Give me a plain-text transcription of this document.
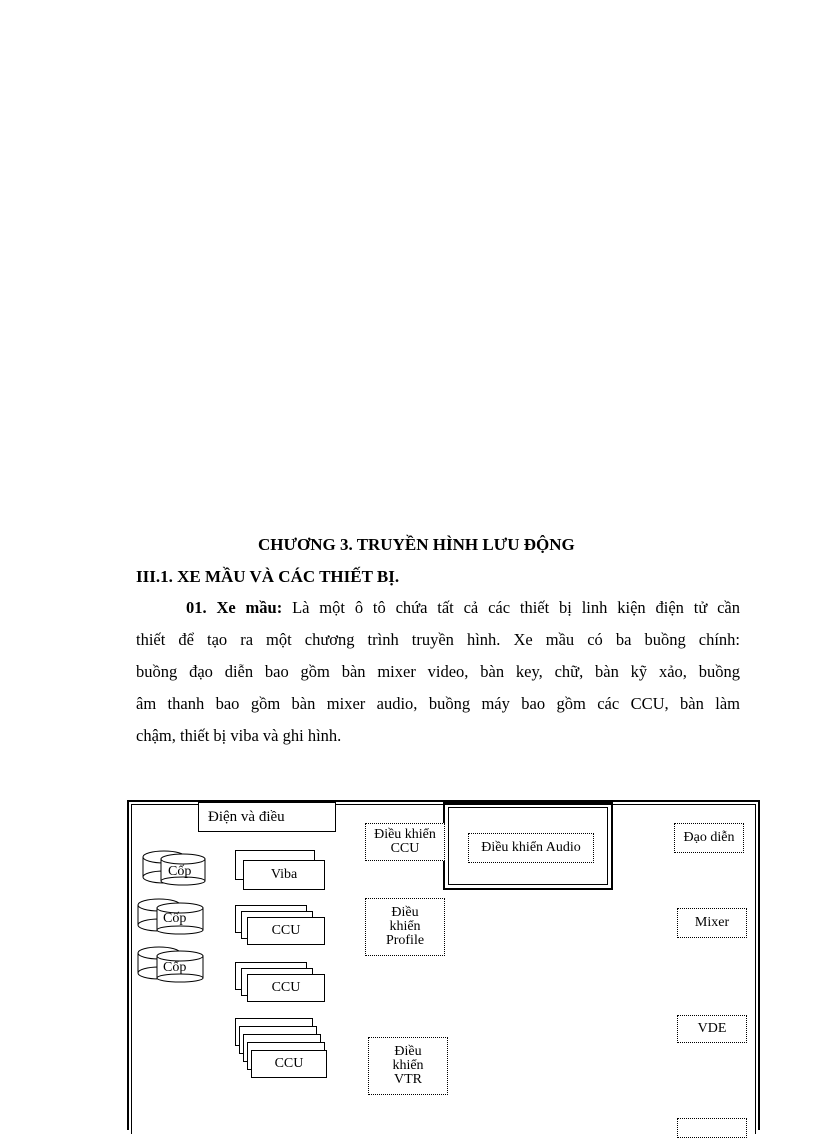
CHƯƠNG 3. TRUYỀN HÌNH LƯU ĐỘNG
III.1. XE MẦU VÀ CÁC THIẾT BỊ.

01. Xe mầu: Là một ô tô chứa tất cả các thiết bị linh kiện điện tử cần

thiết để tạo ra một chương trình truyền hình. Xe mầu có ba buồng chính:

buồng đạo diễn bao gồm bàn mixer video, bàn key, chữ, bàn kỹ xảo, buồng

âm thanh bao gồm bàn mixer audio, buồng máy bao gồm các CCU, bàn làm

chậm, thiết bị viba và ghi hình.

Điện và điều
Điều khiển Audio
Điều khiển
CCU
Điều
khiển
Profile
Điều
khiển
VTR
Đạo diễn
Mixer
VDE
Cốp
Cốp
Cốp
Viba
CCU
CCU
CCU
